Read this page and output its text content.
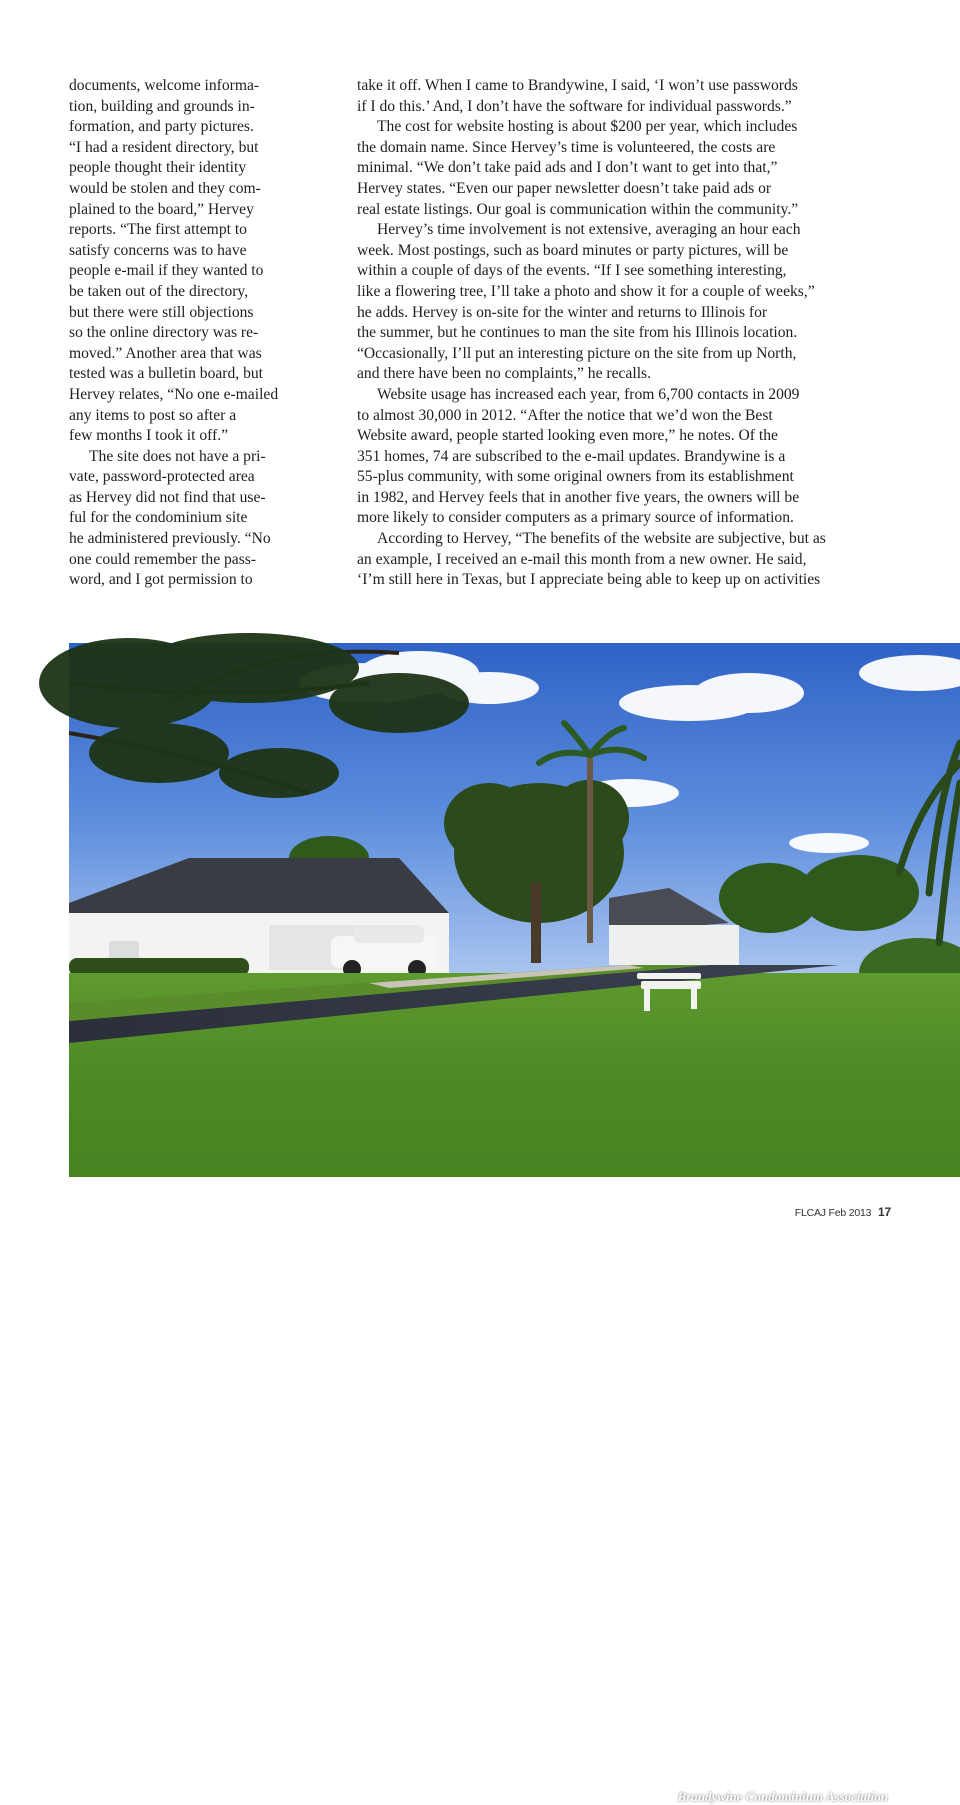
documents, welcome informa-
tion, building and grounds in-
formation, and party pictures.
“I had a resident directory, but
people thought their identity
would be stolen and they com-
plained to the board,” Hervey
reports. “The first attempt to
satisfy concerns was to have
people e-mail if they wanted to
be taken out of the directory,
but there were still objections
so the online directory was re-
moved.” Another area that was
tested was a bulletin board, but
Hervey relates, “No one e-mailed
any items to post so after a
few months I took it off.”

The site does not have a pri-
vate, password-protected area
as Hervey did not find that use-
ful for the condominium site
he administered previously. “No
one could remember the pass-
word, and I got permission to

take it off. When I came to Brandywine, I said, ‘I won’t use passwords
if I do this.’ And, I don’t have the software for individual passwords.”

The cost for website hosting is about $200 per year, which includes
the domain name. Since Hervey’s time is volunteered, the costs are
minimal. “We don’t take paid ads and I don’t want to get into that,”
Hervey states. “Even our paper newsletter doesn’t take paid ads or
real estate listings. Our goal is communication within the community.”

Hervey’s time involvement is not extensive, averaging an hour each
week. Most postings, such as board minutes or party pictures, will be
within a couple of days of the events. “If I see something interesting,
like a flowering tree, I’ll take a photo and show it for a couple of weeks,”
he adds. Hervey is on-site for the winter and returns to Illinois for
the summer, but he continues to man the site from his Illinois location.
“Occasionally, I’ll put an interesting picture on the site from up North,
and there have been no complaints,” he recalls.

Website usage has increased each year, from 6,700 contacts in 2009
to almost 30,000 in 2012. “After the notice that we’d won the Best
Website award, people started looking even more,” he notes. Of the
351 homes, 74 are subscribed to the e-mail updates. Brandywine is a
55-plus community, with some original owners from its establishment
in 1982, and Hervey feels that in another five years, the owners will be
more likely to consider computers as a primary source of information.

According to Hervey, “The benefits of the website are subjective, but as
an example, I received an e-mail this month from a new owner. He said,
‘I’m still here in Texas, but I appreciate being able to keep up on activities

Brandywine Condominium Association
FLCAJ Feb 2013 17
